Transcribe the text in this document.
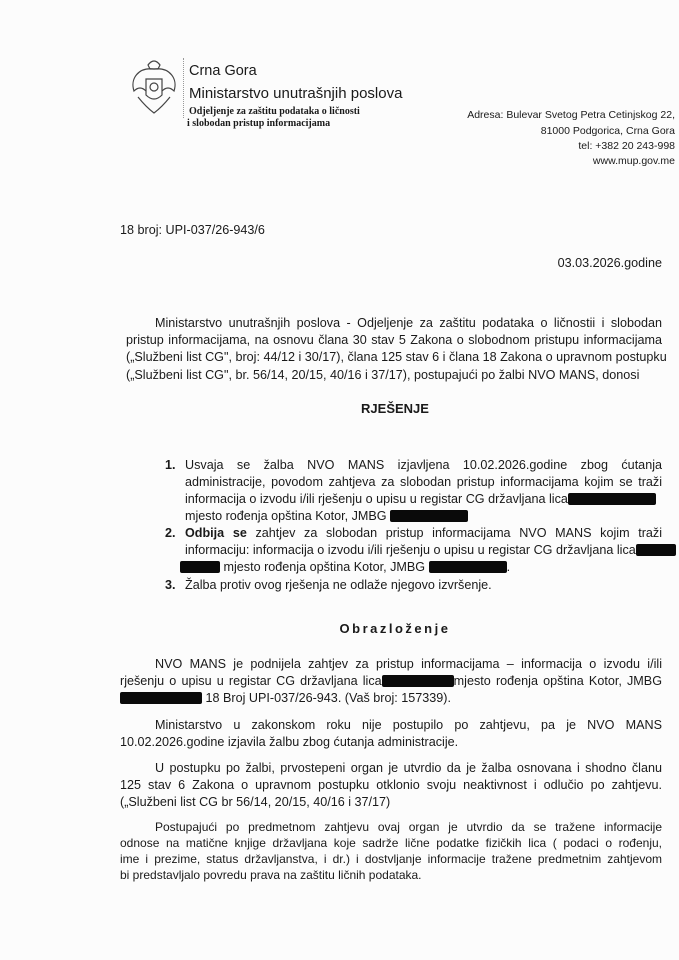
Crna Gora
Ministarstvo unutrašnjih poslova
Odjeljenje za zaštitu podataka o ličnosti
i slobodan pristup informacijama
Adresa: Bulevar Svetog Petra Cetinjskog 22,
81000 Podgorica, Crna Gora
tel: +382 20 243-998
www.mup.gov.me
18 broj: UPI-037/26-943/6
03.03.2026.godine
Ministarstvo unutrašnjih poslova - Odjeljenje za zaštitu podataka o ličnostii i slobodan
pristup informacijama, na osnovu člana 30 stav 5 Zakona o slobodnom pristupu informacijama
(„Službeni list CG", broj: 44/12 i 30/17), člana 125 stav 6 i člana 18 Zakona o upravnom postupku
(„Službeni list CG", br. 56/14, 20/15, 40/16 i 37/17), postupajući po žalbi NVO MANS, donosi
RJEŠENJE
1. Usvaja se žalba NVO MANS izjavljena 10.02.2026.godine zbog ćutanja
administracije, povodom zahtjeva za slobodan pristup informacijama kojim se traži
informacija o izvodu i/ili rješenju o upisu u registar CG državljana lica
mjesto rođenja opština Kotor, JMBG
2. Odbija se zahtjev za slobodan pristup informacijama NVO MANS kojim traži
informaciju: informacija o izvodu i/ili rješenju o upisu u registar CG državljana lica
mjesto rođenja opština Kotor, JMBG	.
3. Žalba protiv ovog rješenja ne odlaže njegovo izvršenje.
Obrazloženje
NVO MANS je podnijela zahtjev za pristup informacijama – informacija o izvodu i/ili
rješenju o upisu u registar CG državljana lica	mjesto rođenja opština Kotor, JMBG
18 Broj UPI-037/26-943. (Vaš broj: 157339).
Ministarstvo u zakonskom roku nije postupilo po zahtjevu, pa je NVO MANS
10.02.2026.godine izjavila žalbu zbog ćutanja administracije.
U postupku po žalbi, prvostepeni organ je utvrdio da je žalba osnovana i shodno članu
125 stav 6 Zakona o upravnom postupku otklonio svoju neaktivnost i odlučio po zahtjevu.
(„Službeni list CG br 56/14, 20/15, 40/16 i 37/17)
Postupajući po predmetnom zahtjevu ovaj organ je utvrdio da se tražene informacije
odnose na matične knjige državljana koje sadrže lične podatke fizičkih lica ( podaci o rođenju,
ime i prezime, status državljanstva, i dr.) i dostvljanje informacije tražene predmetnim zahtjevom
bi predstavljalo povredu prava na zaštitu ličnih podataka.
